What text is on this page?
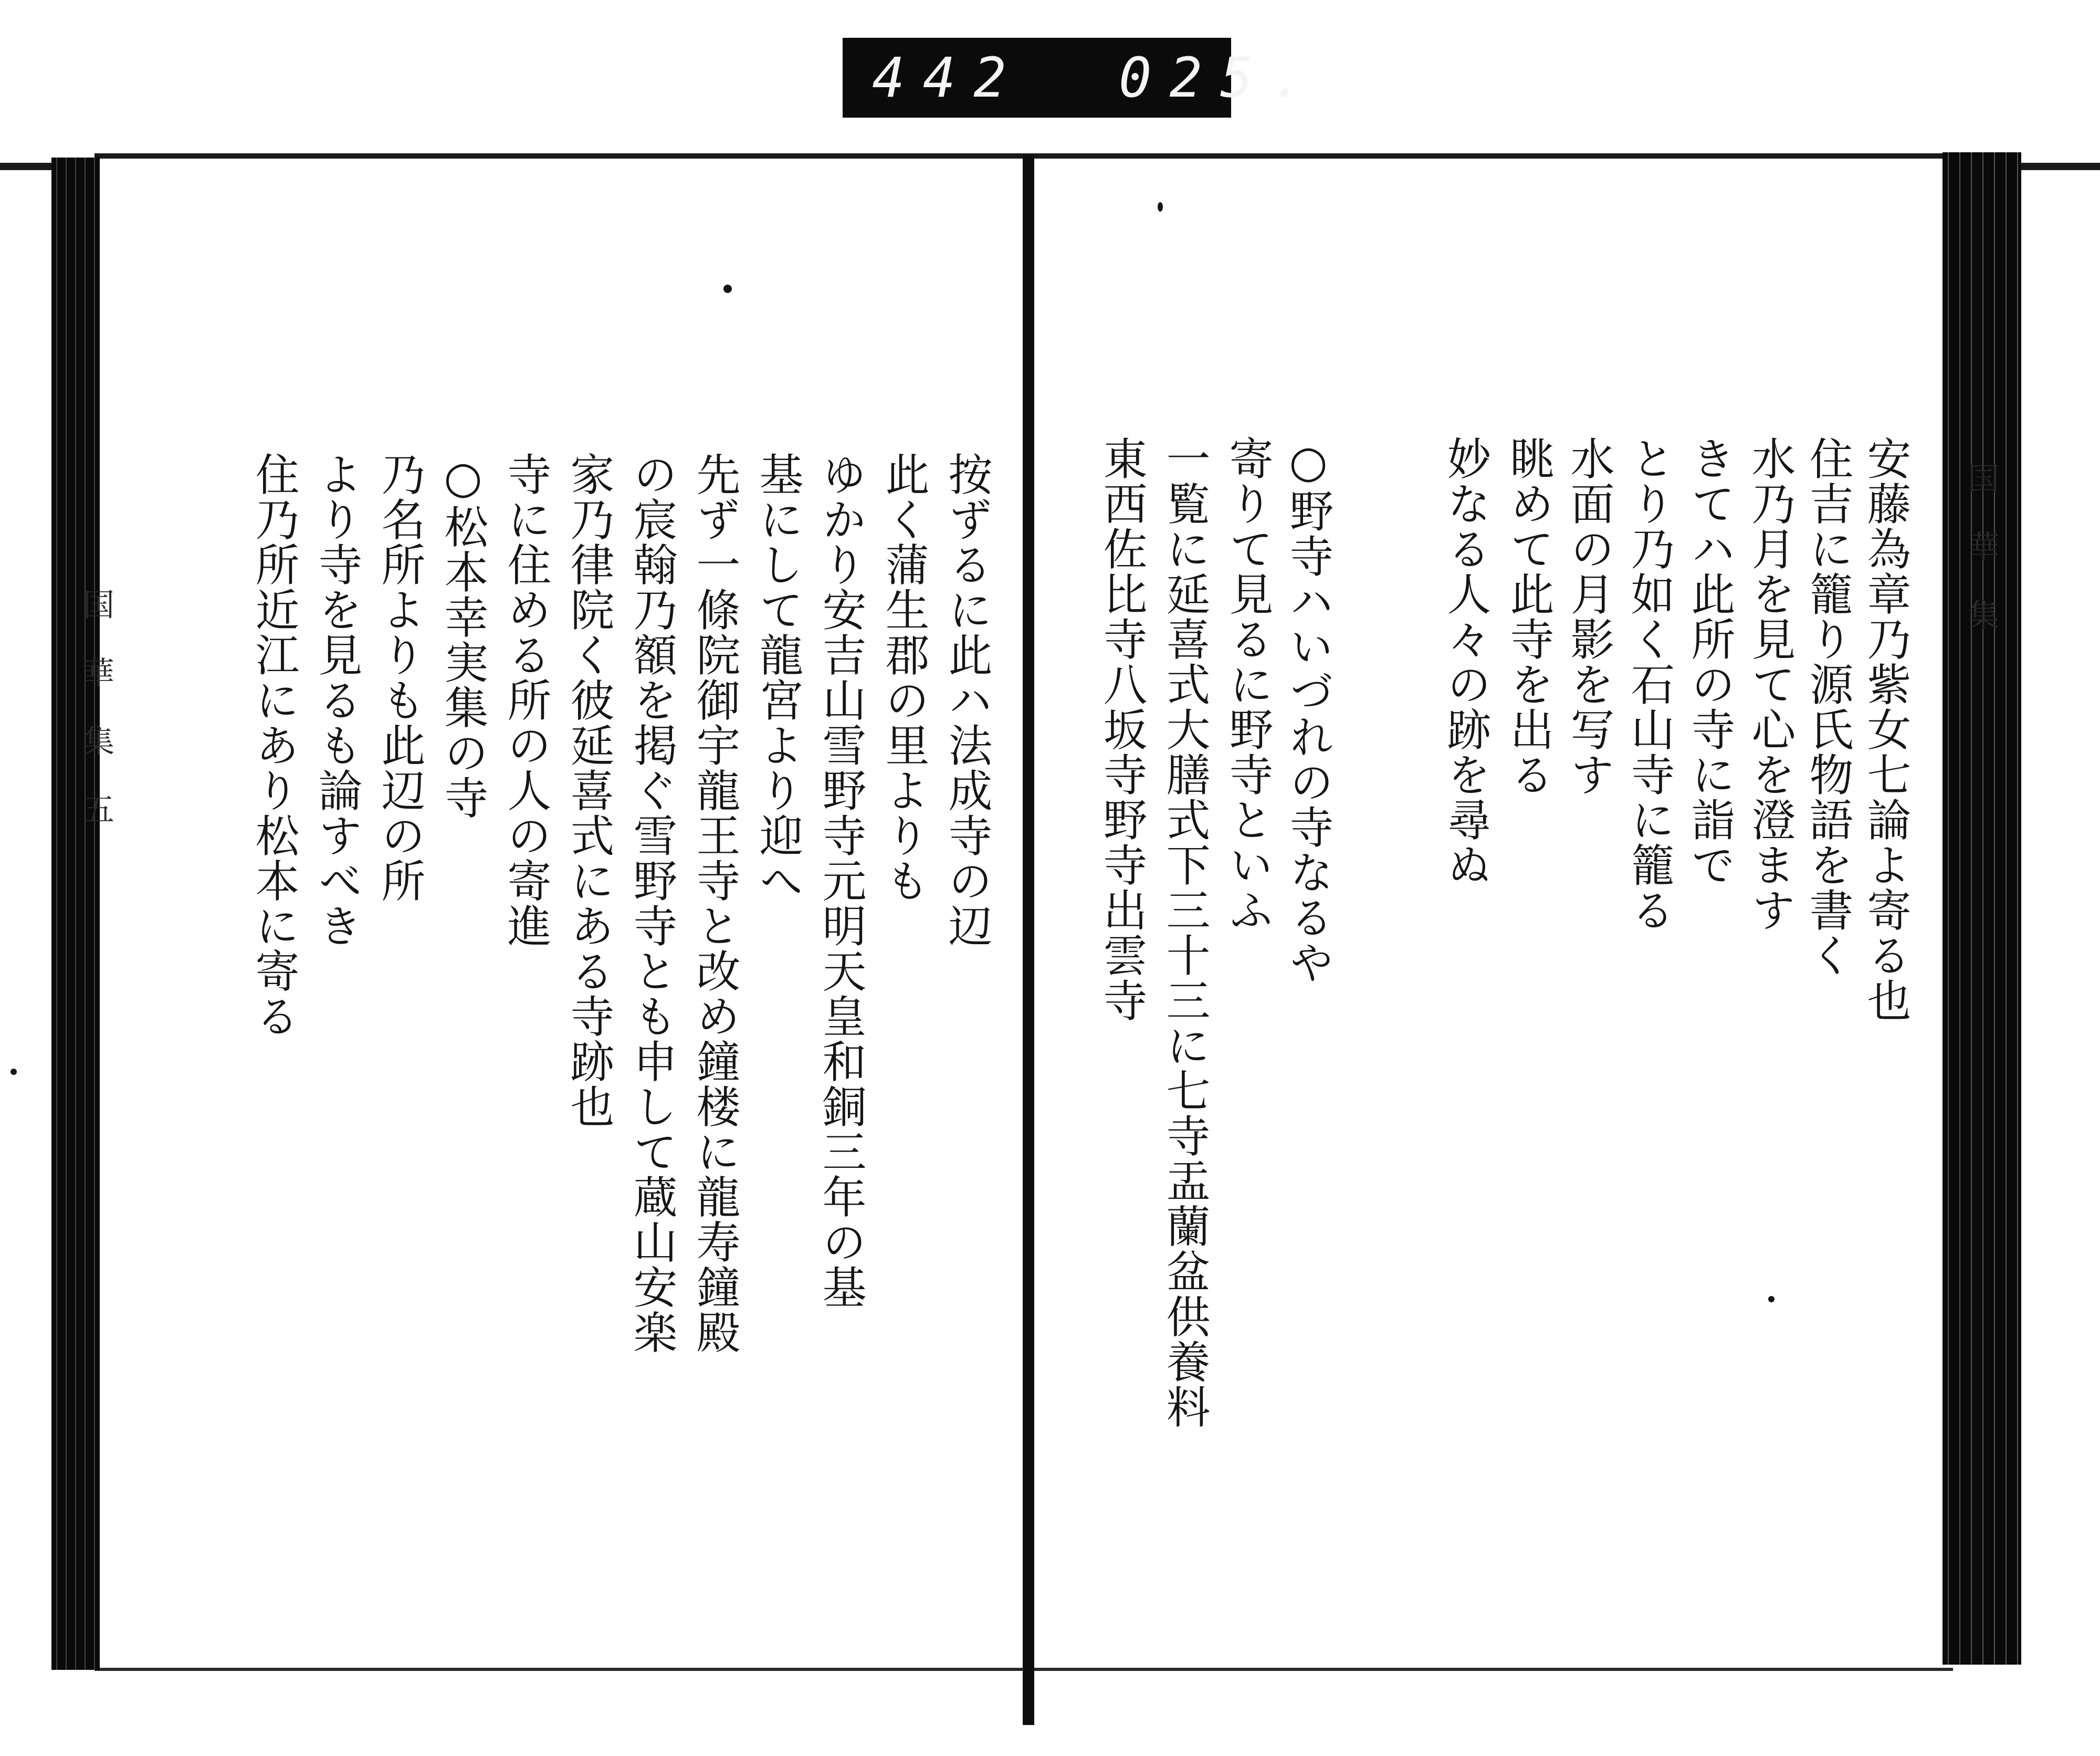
442 025.
国 華 集 五
国 華 集
安藤為章乃紫女七論よ寄る也
住吉に籠り源氏物語を書く
水乃月を見て心を澄ます
きてハ此所の寺に詣で
とり乃如く石山寺に籠る
水面の月影を写す
眺めて此寺を出る
妙なる人々の跡を尋ぬ
○野寺ハいづれの寺なるや
寄りて見るに野寺といふ
一覧に延喜式大膳式下三十三に七寺盂蘭盆供養料
東西佐比寺八坂寺野寺出雲寺
按ずるに此ハ法成寺の辺
此く蒲生郡の里よりも
ゆかり安吉山雪野寺元明天皇和銅三年の基
基にして龍宮より迎へ
先ず一條院御宇龍王寺と改め鐘楼に龍寿鐘殿
の宸翰乃額を掲ぐ雪野寺とも申して蔵山安楽
家乃律院く彼延喜式にある寺跡也
寺に住める所の人の寄進
○松本幸実集の寺
乃名所よりも此辺の所
より寺を見るも論すべき
住乃所近江にあり松本に寄る
